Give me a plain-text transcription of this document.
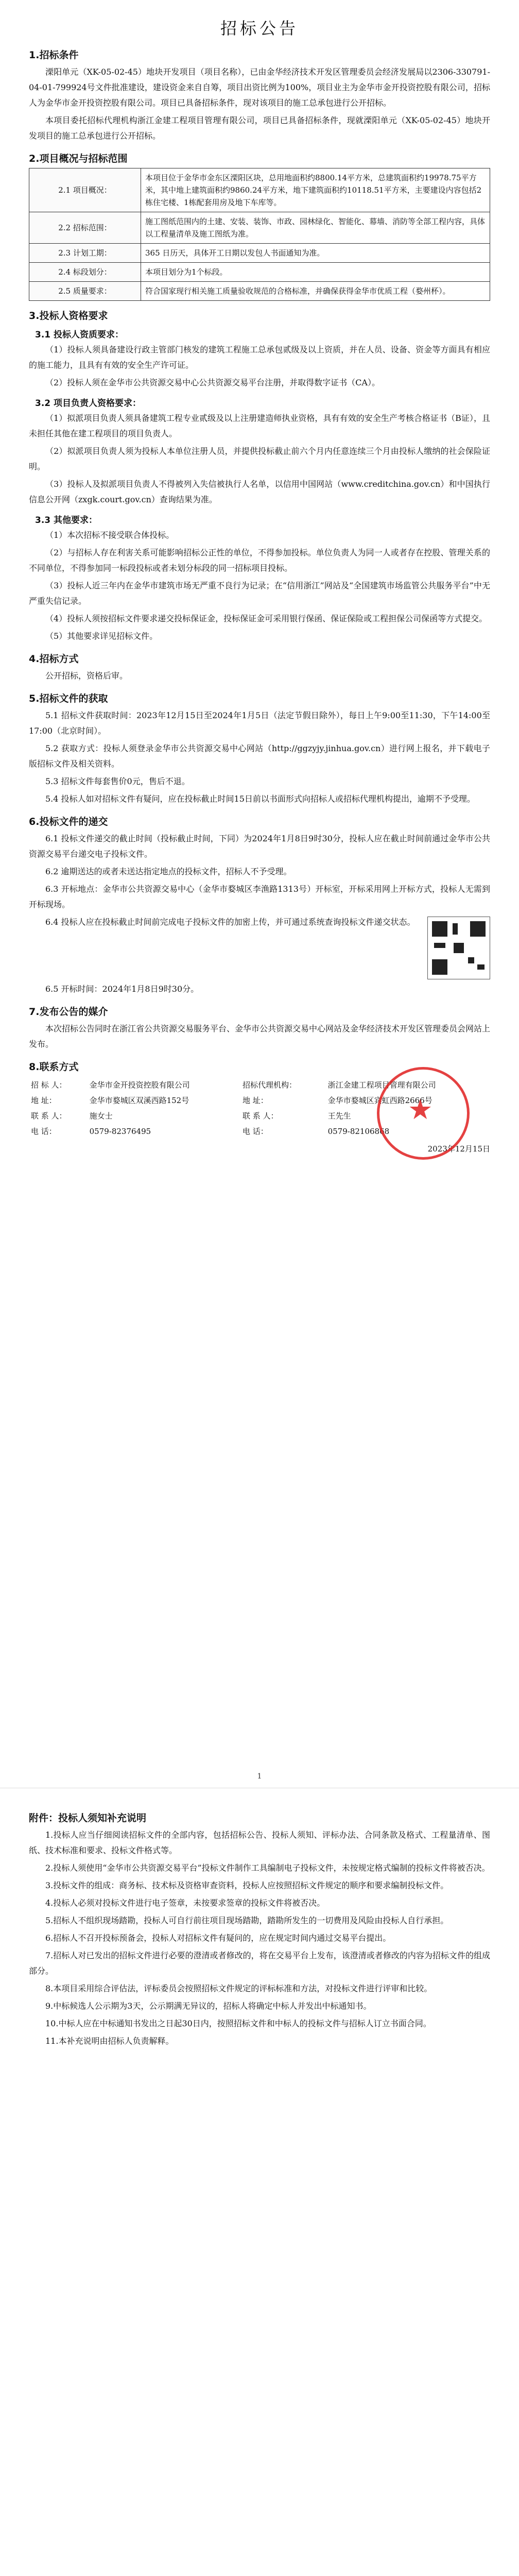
招标公告
1.招标条件

溧阳单元（XK-05-02-45）地块开发项目（项目名称），已由金华经济技术开发区管理委员会经济发展局以2306-330791-04-01-799924号文件批准建设，建设资金来自自筹，项目出资比例为100%，项目业主为金华市金开投资控股有限公司，招标人为金华市金开投资控股有限公司。项目已具备招标条件，现对该项目的施工总承包进行公开招标。

本项目委托招标代理机构浙江金建工程项目管理有限公司，项目已具备招标条件，现就溧阳单元（XK-05-02-45）地块开发项目的施工总承包进行公开招标。

2.项目概况与招标范围
2.1 项目概况：	本项目位于金华市金东区溧阳区块，总用地面积约8800.14平方米，总建筑面积约19978.75平方米，其中地上建筑面积约9860.24平方米，地下建筑面积约10118.51平方米，主要建设内容包括2栋住宅楼、1栋配套用房及地下车库等。
2.2 招标范围：	施工图纸范围内的土建、安装、装饰、市政、园林绿化、智能化、幕墙、消防等全部工程内容，具体以工程量清单及施工图纸为准。
2.3 计划工期：	365 日历天，具体开工日期以发包人书面通知为准。
2.4 标段划分：	本项目划分为1个标段。
2.5 质量要求：	符合国家现行相关施工质量验收规范的合格标准，并确保获得金华市优质工程（婺州杯）。
3.投标人资格要求
3.1 投标人资质要求：

（1）投标人须具备建设行政主管部门核发的建筑工程施工总承包贰级及以上资质，并在人员、设备、资金等方面具有相应的施工能力，且具有有效的安全生产许可证。

（2）投标人须在金华市公共资源交易中心公共资源交易平台注册，并取得数字证书（CA）。

3.2 项目负责人资格要求：

（1）拟派项目负责人须具备建筑工程专业贰级及以上注册建造师执业资格，具有有效的安全生产考核合格证书（B证），且未担任其他在建工程项目的项目负责人。

（2）拟派项目负责人须为投标人本单位注册人员，并提供投标截止前六个月内任意连续三个月由投标人缴纳的社会保险证明。

（3）投标人及拟派项目负责人不得被列入失信被执行人名单，以信用中国网站（www.creditchina.gov.cn）和中国执行信息公开网（zxgk.court.gov.cn）查询结果为准。

3.3 其他要求：

（1）本次招标不接受联合体投标。

（2）与招标人存在利害关系可能影响招标公正性的单位，不得参加投标。单位负责人为同一人或者存在控股、管理关系的不同单位，不得参加同一标段投标或者未划分标段的同一招标项目投标。

（3）投标人近三年内在金华市建筑市场无严重不良行为记录；在“信用浙江”网站及“全国建筑市场监管公共服务平台”中无严重失信记录。

（4）投标人须按招标文件要求递交投标保证金，投标保证金可采用银行保函、保证保险或工程担保公司保函等方式提交。

（5）其他要求详见招标文件。

4.招标方式

公开招标，资格后审。

5.招标文件的获取

5.1 招标文件获取时间：2023年12月15日至2024年1月5日（法定节假日除外），每日上午9:00至11:30，下午14:00至17:00（北京时间）。

5.2 获取方式：投标人须登录金华市公共资源交易中心网站（http://ggzyjy.jinhua.gov.cn）进行网上报名，并下载电子版招标文件及相关资料。

5.3 招标文件每套售价0元，售后不退。

5.4 投标人如对招标文件有疑问，应在投标截止时间15日前以书面形式向招标人或招标代理机构提出，逾期不予受理。

6.投标文件的递交

6.1 投标文件递交的截止时间（投标截止时间，下同）为2024年1月8日9时30分，投标人应在截止时间前通过金华市公共资源交易平台递交电子投标文件。

6.2 逾期送达的或者未送达指定地点的投标文件，招标人不予受理。

6.3 开标地点：金华市公共资源交易中心（金华市婺城区李渔路1313号）开标室，开标采用网上开标方式，投标人无需到开标现场。

6.4 投标人应在投标截止时间前完成电子投标文件的加密上传，并可通过系统查询投标文件递交状态。

6.5 开标时间：2024年1月8日9时30分。

7.发布公告的媒介

本次招标公告同时在浙江省公共资源交易服务平台、金华市公共资源交易中心网站及金华经济技术开发区管理委员会网站上发布。

8.联系方式
招 标 人：	金华市金开投资控股有限公司	招标代理机构：	浙江金建工程项目管理有限公司
地 址：	金华市婺城区双溪西路152号	地 址：	金华市婺城区宾虹西路2666号
联 系 人：	施女士	联 系 人：	王先生
电 话：	0579-82376495	电 话：	0579-82106868
★
2023年12月15日
1
附件：投标人须知补充说明

1.投标人应当仔细阅读招标文件的全部内容，包括招标公告、投标人须知、评标办法、合同条款及格式、工程量清单、图纸、技术标准和要求、投标文件格式等。

2.投标人须使用“金华市公共资源交易平台”投标文件制作工具编制电子投标文件，未按规定格式编制的投标文件将被否决。

3.投标文件的组成：商务标、技术标及资格审查资料，投标人应按照招标文件规定的顺序和要求编制投标文件。

4.投标人必须对投标文件进行电子签章，未按要求签章的投标文件将被否决。

5.招标人不组织现场踏勘，投标人可自行前往项目现场踏勘，踏勘所发生的一切费用及风险由投标人自行承担。

6.招标人不召开投标预备会，投标人对招标文件有疑问的，应在规定时间内通过交易平台提出。

7.招标人对已发出的招标文件进行必要的澄清或者修改的，将在交易平台上发布，该澄清或者修改的内容为招标文件的组成部分。

8.本项目采用综合评估法，评标委员会按照招标文件规定的评标标准和方法，对投标文件进行评审和比较。

9.中标候选人公示期为3天，公示期满无异议的，招标人将确定中标人并发出中标通知书。

10.中标人应在中标通知书发出之日起30日内，按照招标文件和中标人的投标文件与招标人订立书面合同。

11.本补充说明由招标人负责解释。
